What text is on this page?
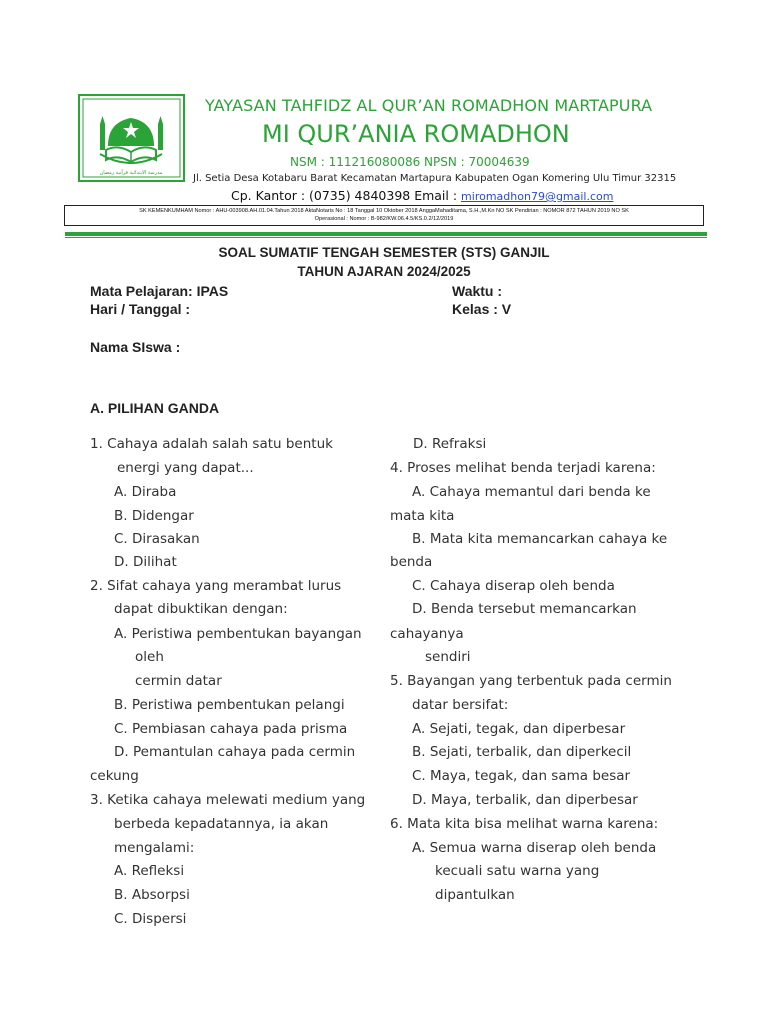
مدرسة الابتدائية قرآنية رمضان
YAYASAN TAHFIDZ AL QUR’AN ROMADHON MARTAPURA
MI QUR’ANIA ROMADHON
NSM : 111216080086 NPSN : 70004639
Jl. Setia Desa Kotabaru Barat Kecamatan Martapura Kabupaten Ogan Komering Ulu Timur 32315
Cp. Kantor : (0735) 4840398 Email : miromadhon79@gmail.com
SK KEMENKUMHAM Nomor : AHU-003908.AH.01.04.Tahun 2018 AktaNotaris No : 18 Tanggal 10 Oktober 2018 AnggaMahaditama, S.H.,M.Kn NO SK Pendirian : NOMOR 872 TAHUN 2019 NO SK
Operasional : Nomor : B-982/KW.06.4.5/KS.0.2/12/2019
SOAL SUMATIF TENGAH SEMESTER (STS) GANJIL
TAHUN AJARAN 2024/2025
Mata Pelajaran: IPAS
Hari / Tanggal :
Waktu :
Kelas : V
Nama SIswa :
A. PILIHAN GANDA
1. Cahaya adalah salah satu bentuk
energi yang dapat...
A. Diraba
B. Didengar
C. Dirasakan
D. Dilihat
2. Sifat cahaya yang merambat lurus
dapat dibuktikan dengan:
A. Peristiwa pembentukan bayangan
oleh
cermin datar
B. Peristiwa pembentukan pelangi
C. Pembiasan cahaya pada prisma
D. Pemantulan cahaya pada cermin
cekung
3. Ketika cahaya melewati medium yang
berbeda kepadatannya, ia akan
mengalami:
A. Refleksi
B. Absorpsi
C. Dispersi
D. Refraksi
4. Proses melihat benda terjadi karena:
A. Cahaya memantul dari benda ke
mata kita
B. Mata kita memancarkan cahaya ke
benda
C. Cahaya diserap oleh benda
D. Benda tersebut memancarkan
cahayanya
sendiri
5. Bayangan yang terbentuk pada cermin
datar bersifat:
A. Sejati, tegak, dan diperbesar
B. Sejati, terbalik, dan diperkecil
C. Maya, tegak, dan sama besar
D. Maya, terbalik, dan diperbesar
6. Mata kita bisa melihat warna karena:
A. Semua warna diserap oleh benda
kecuali satu warna yang
dipantulkan
